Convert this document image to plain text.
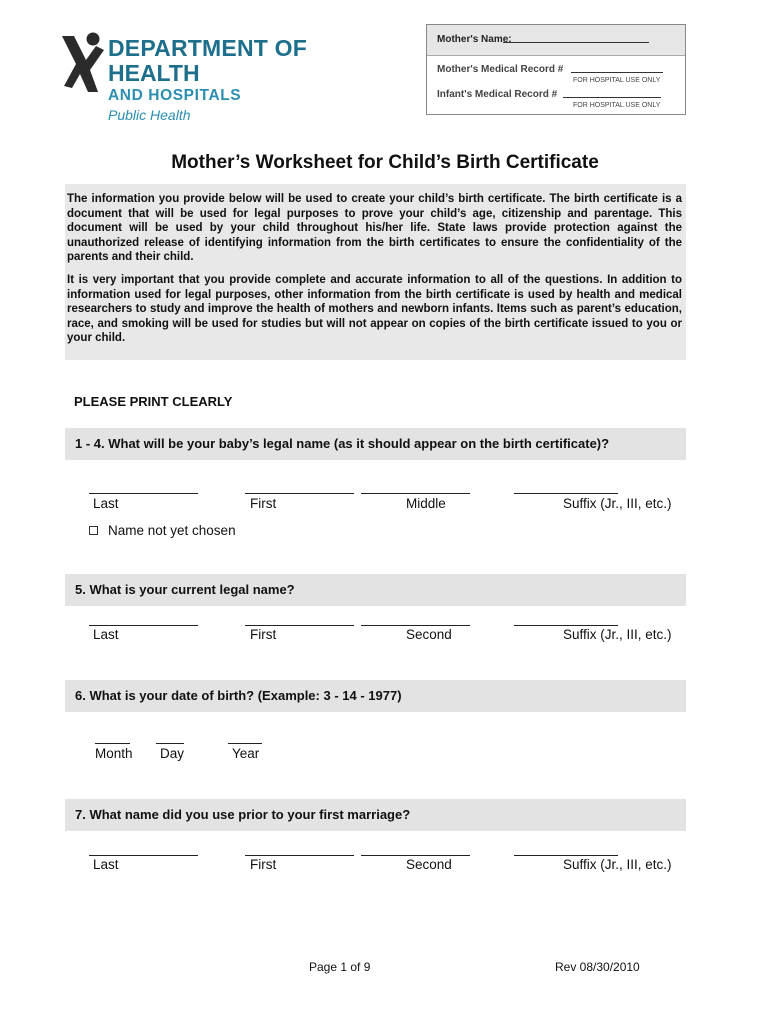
DEPARTMENT OF
HEALTH
AND HOSPITALS
Public Health
Mother's Name:
Mother's Medical Record #
FOR HOSPITAL USE ONLY
Infant's Medical Record #
FOR HOSPITAL USE ONLY
Mother’s Worksheet for Child’s Birth Certificate

The information you provide below will be used to create your child’s birth certificate. The birth certificate is a document that will be used for legal purposes to prove your child’s age, citizenship and parentage. This document will be used by your child throughout his/her life. State laws provide protection against the unauthorized release of identifying information from the birth certificates to ensure the confidentiality of the parents and their child.

It is very important that you provide complete and accurate information to all of the questions. In addition to information used for legal purposes, other information from the birth certificate is used by health and medical researchers to study and improve the health of mothers and newborn infants. Items such as parent’s education, race, and smoking will be used for studies but will not appear on copies of the birth certificate issued to you or your child.

PLEASE PRINT CLEARLY
1 - 4. What will be your baby’s legal name (as it should appear on the birth certificate)?
Last	First	Middle	Suffix (Jr., III, etc.)
Name not yet chosen
5. What is your current legal name?
Last	First	Second	Suffix (Jr., III, etc.)
6. What is your date of birth? (Example: 3 - 14 - 1977)
Month Day	Year
7. What name did you use prior to your first marriage?
Last	First	Second	Suffix (Jr., III, etc.)
Page 1 of 9	Rev 08/30/2010
